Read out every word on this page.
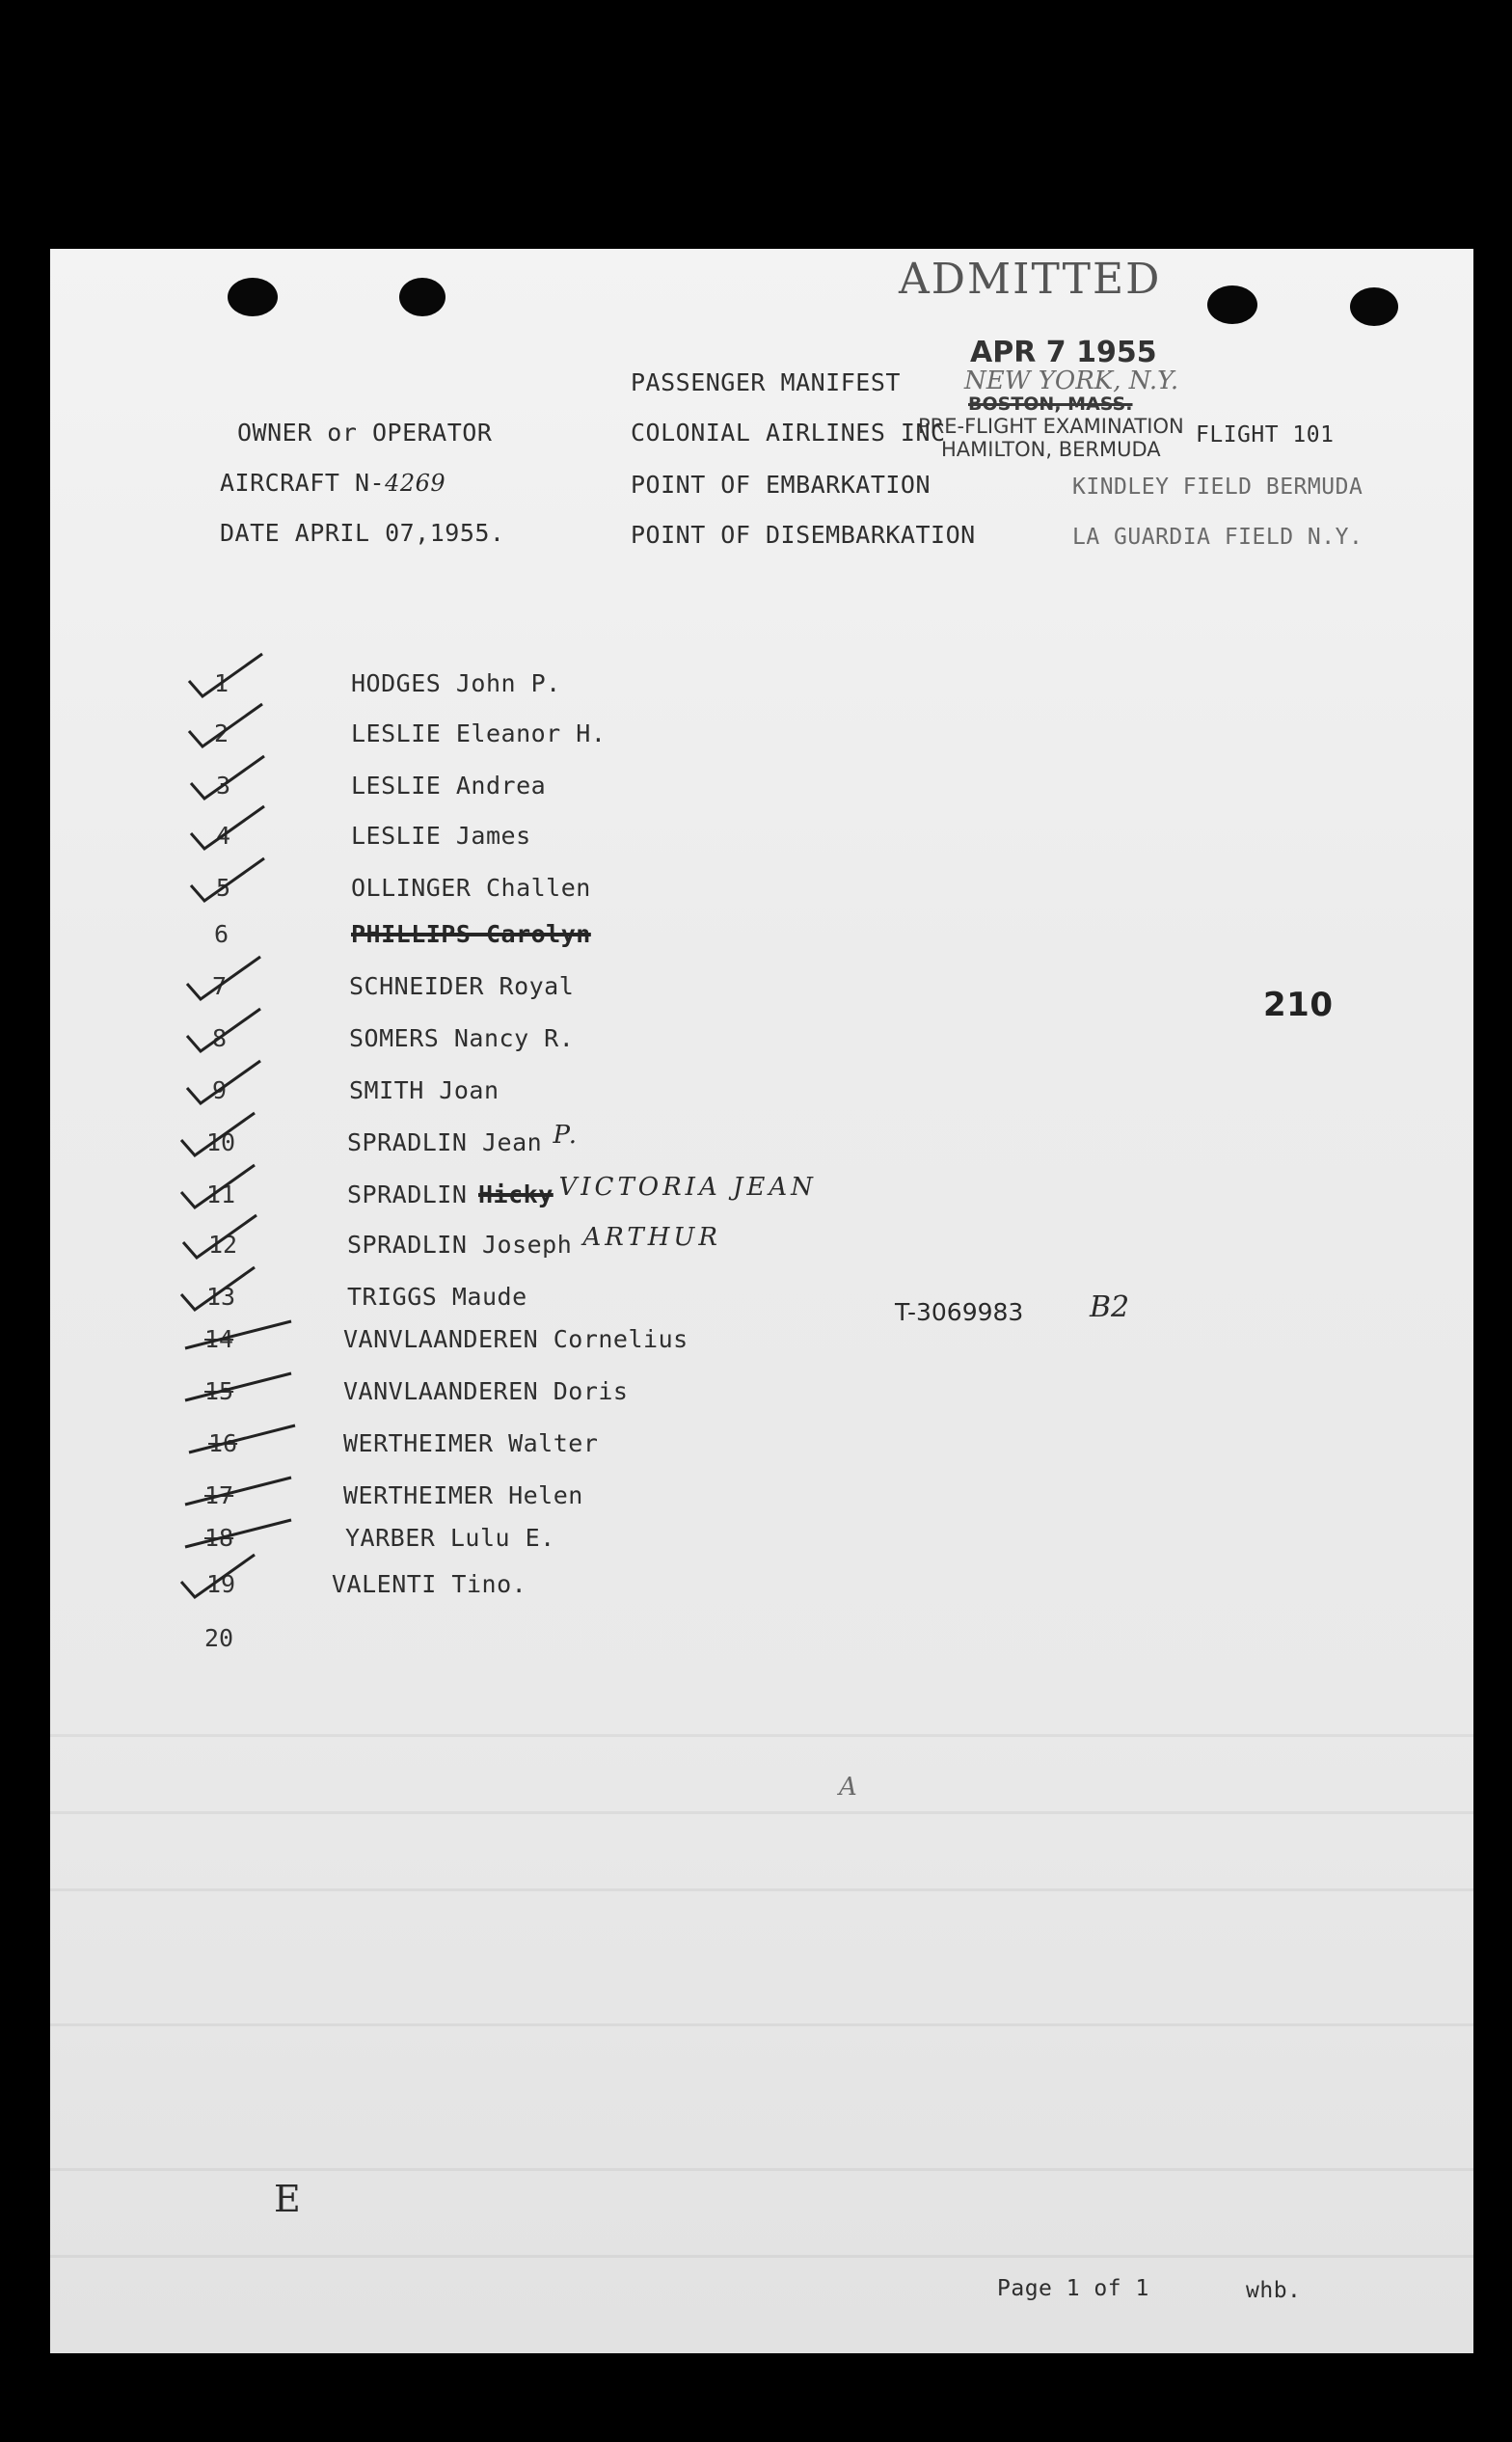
ADMITTED
APR 7 1955
NEW YORK, N.Y.
BOSTON, MASS.
PRE-FLIGHT EXAMINATION
HAMILTON, BERMUDA
PASSENGER MANIFEST
OWNER or OPERATOR	COLONIAL AIRLINES INC	FLIGHT 101
AIRCRAFT N-4269	POINT OF EMBARKATION	KINDLEY FIELD BERMUDA
DATE APRIL 07,1955.	POINT OF DISEMBARKATION	LA GUARDIA FIELD N.Y.
1	HODGES John P.
2	LESLIE Eleanor H.
3	LESLIE Andrea
4	LESLIE James
5	OLLINGER Challen
6	PHILLIPS Carolyn
7	SCHNEIDER Royal
8	SOMERS Nancy R.
9	SMITH Joan
10	SPRADLIN Jean P.
11	SPRADLIN Hicky VICTORIA JEAN
12	SPRADLIN Joseph ARTHUR
13	TRIGGS Maude
14	VANVLAANDEREN Cornelius
15	VANVLAANDEREN Doris
16	WERTHEIMER Walter
17	WERTHEIMER Helen
18	YARBER Lulu E.
19	VALENTI Tino.
20
210
T-3069983 B2
A
E
Page 1 of 1	whb.
